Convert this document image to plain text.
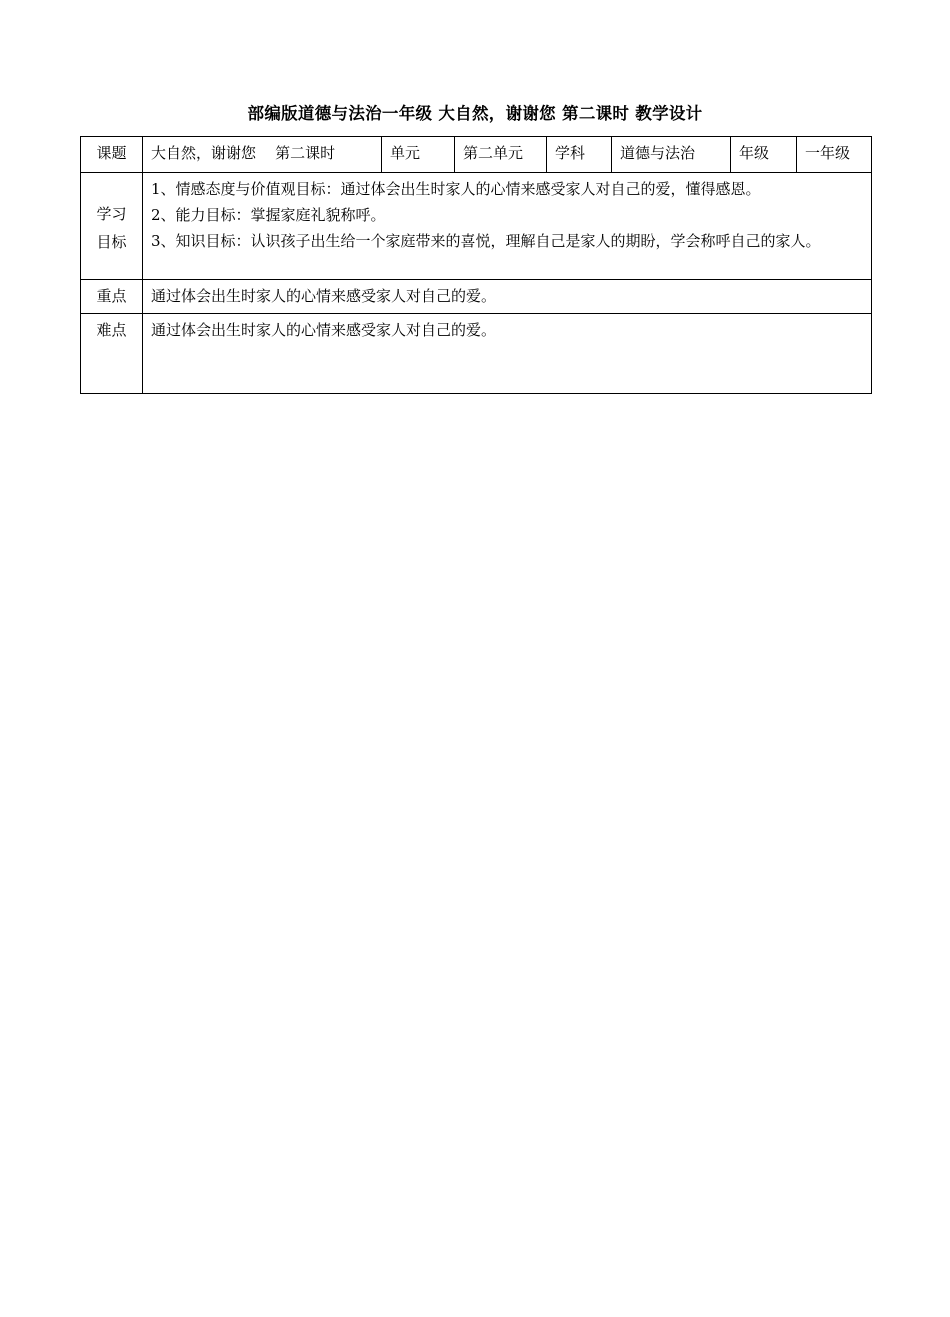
部编版道德与法治一年级 大自然，谢谢您 第二课时 教学设计
课题	大自然，谢谢您    第二课时	单元	第二单元	学科	道德与法治	年级	一年级

学习
目标	1、情感态度与价值观目标：通过体会出生时家人的心情来感受家人对自己的爱，懂得感恩。
2、能力目标：掌握家庭礼貌称呼。
3、知识目标：认识孩子出生给一个家庭带来的喜悦，理解自己是家人的期盼，学会称呼自己的家人。						

重点	通过体会出生时家人的心情来感受家人对自己的爱。						
难点	通过体会出生时家人的心情来感受家人对自己的爱。						
